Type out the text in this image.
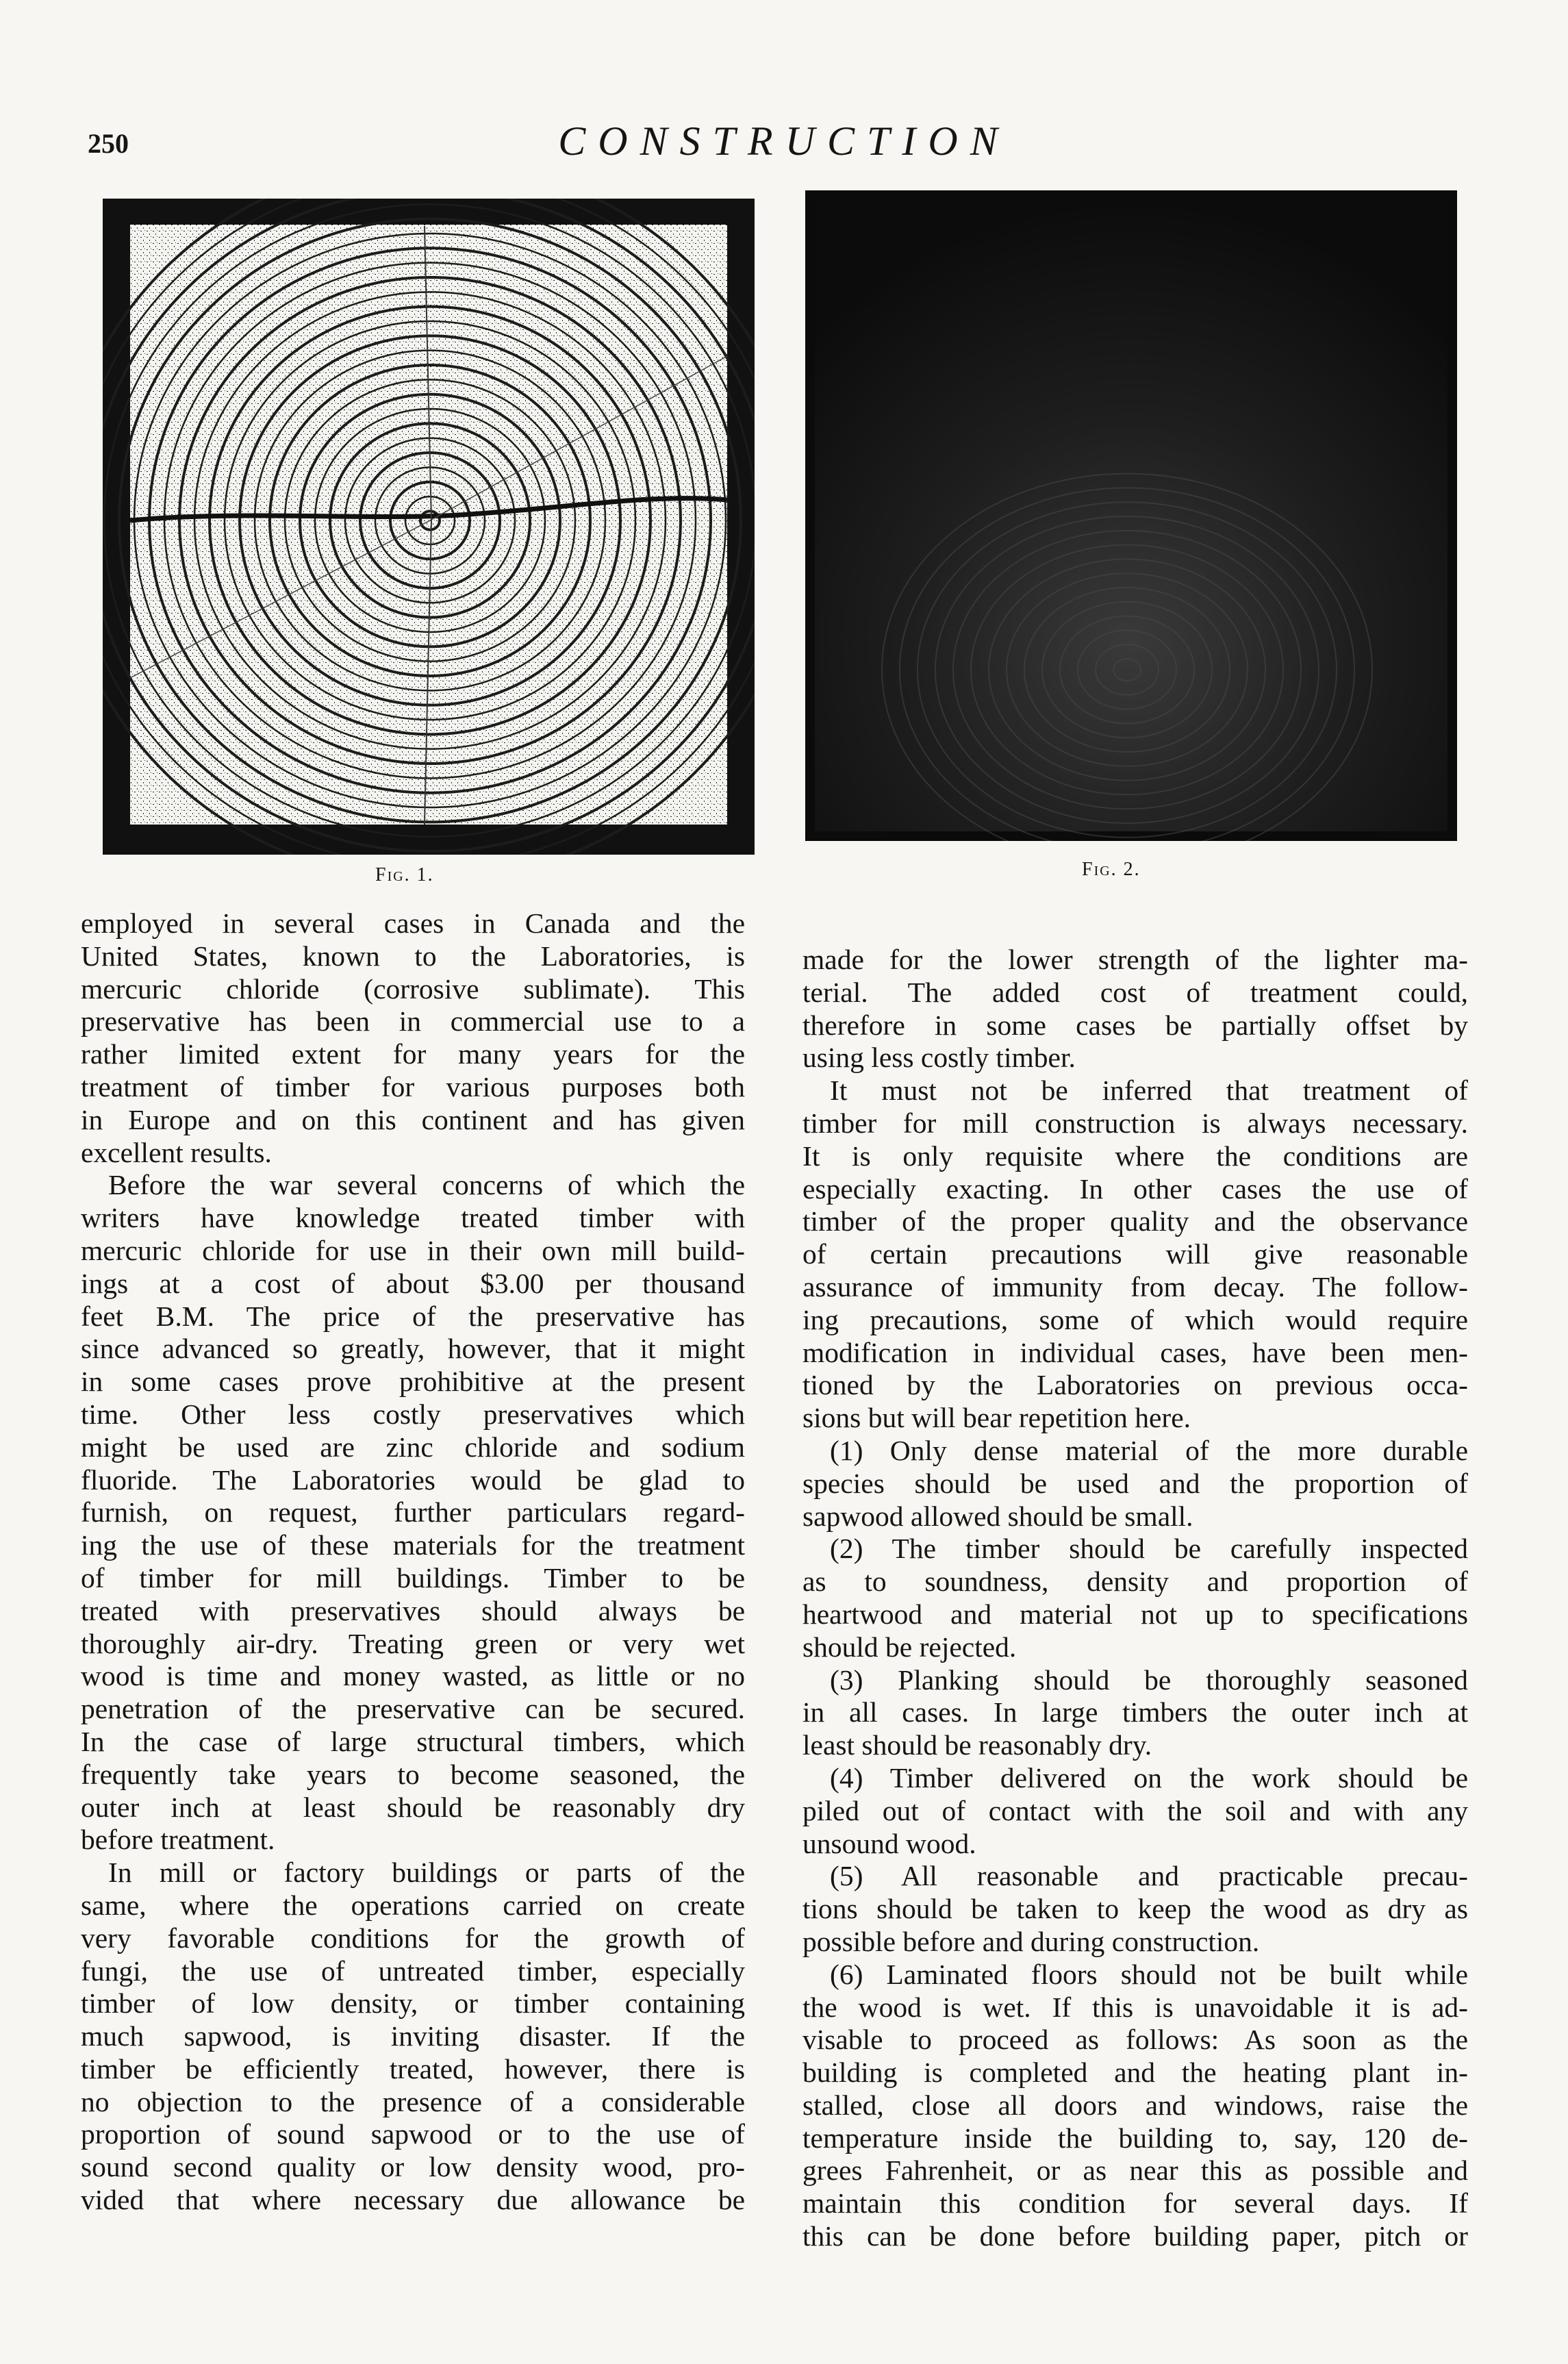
250	CONSTRUCTION
Fig. 1.	Fig. 2.
employed in several cases in Canada and the
United States, known to the Laboratories, is
mercuric chloride (corrosive sublimate). This
preservative has been in commercial use to a
rather limited extent for many years for the
treatment of timber for various purposes both
in Europe and on this continent and has given
excellent results.
Before the war several concerns of which the
writers have knowledge treated timber with
mercuric chloride for use in their own mill build-
ings at a cost of about $3.00 per thousand
feet B.M. The price of the preservative has
since advanced so greatly, however, that it might
in some cases prove prohibitive at the present
time. Other less costly preservatives which
might be used are zinc chloride and sodium
fluoride. The Laboratories would be glad to
furnish, on request, further particulars regard-
ing the use of these materials for the treatment
of timber for mill buildings. Timber to be
treated with preservatives should always be
thoroughly air-dry. Treating green or very wet
wood is time and money wasted, as little or no
penetration of the preservative can be secured.
In the case of large structural timbers, which
frequently take years to become seasoned, the
outer inch at least should be reasonably dry
before treatment.
In mill or factory buildings or parts of the
same, where the operations carried on create
very favorable conditions for the growth of
fungi, the use of untreated timber, especially
timber of low density, or timber containing
much sapwood, is inviting disaster. If the
timber be efficiently treated, however, there is
no objection to the presence of a considerable
proportion of sound sapwood or to the use of
sound second quality or low density wood, pro-
vided that where necessary due allowance be
made for the lower strength of the lighter ma-
terial. The added cost of treatment could,
therefore in some cases be partially offset by
using less costly timber.
It must not be inferred that treatment of
timber for mill construction is always necessary.
It is only requisite where the conditions are
especially exacting. In other cases the use of
timber of the proper quality and the observance
of certain precautions will give reasonable
assurance of immunity from decay. The follow-
ing precautions, some of which would require
modification in individual cases, have been men-
tioned by the Laboratories on previous occa-
sions but will bear repetition here.
(1) Only dense material of the more durable
species should be used and the proportion of
sapwood allowed should be small.
(2) The timber should be carefully inspected
as to soundness, density and proportion of
heartwood and material not up to specifications
should be rejected.
(3) Planking should be thoroughly seasoned
in all cases. In large timbers the outer inch at
least should be reasonably dry.
(4) Timber delivered on the work should be
piled out of contact with the soil and with any
unsound wood.
(5) All reasonable and practicable precau-
tions should be taken to keep the wood as dry as
possible before and during construction.
(6) Laminated floors should not be built while
the wood is wet. If this is unavoidable it is ad-
visable to proceed as follows: As soon as the
building is completed and the heating plant in-
stalled, close all doors and windows, raise the
temperature inside the building to, say, 120 de-
grees Fahrenheit, or as near this as possible and
maintain this condition for several days. If
this can be done before building paper, pitch or
